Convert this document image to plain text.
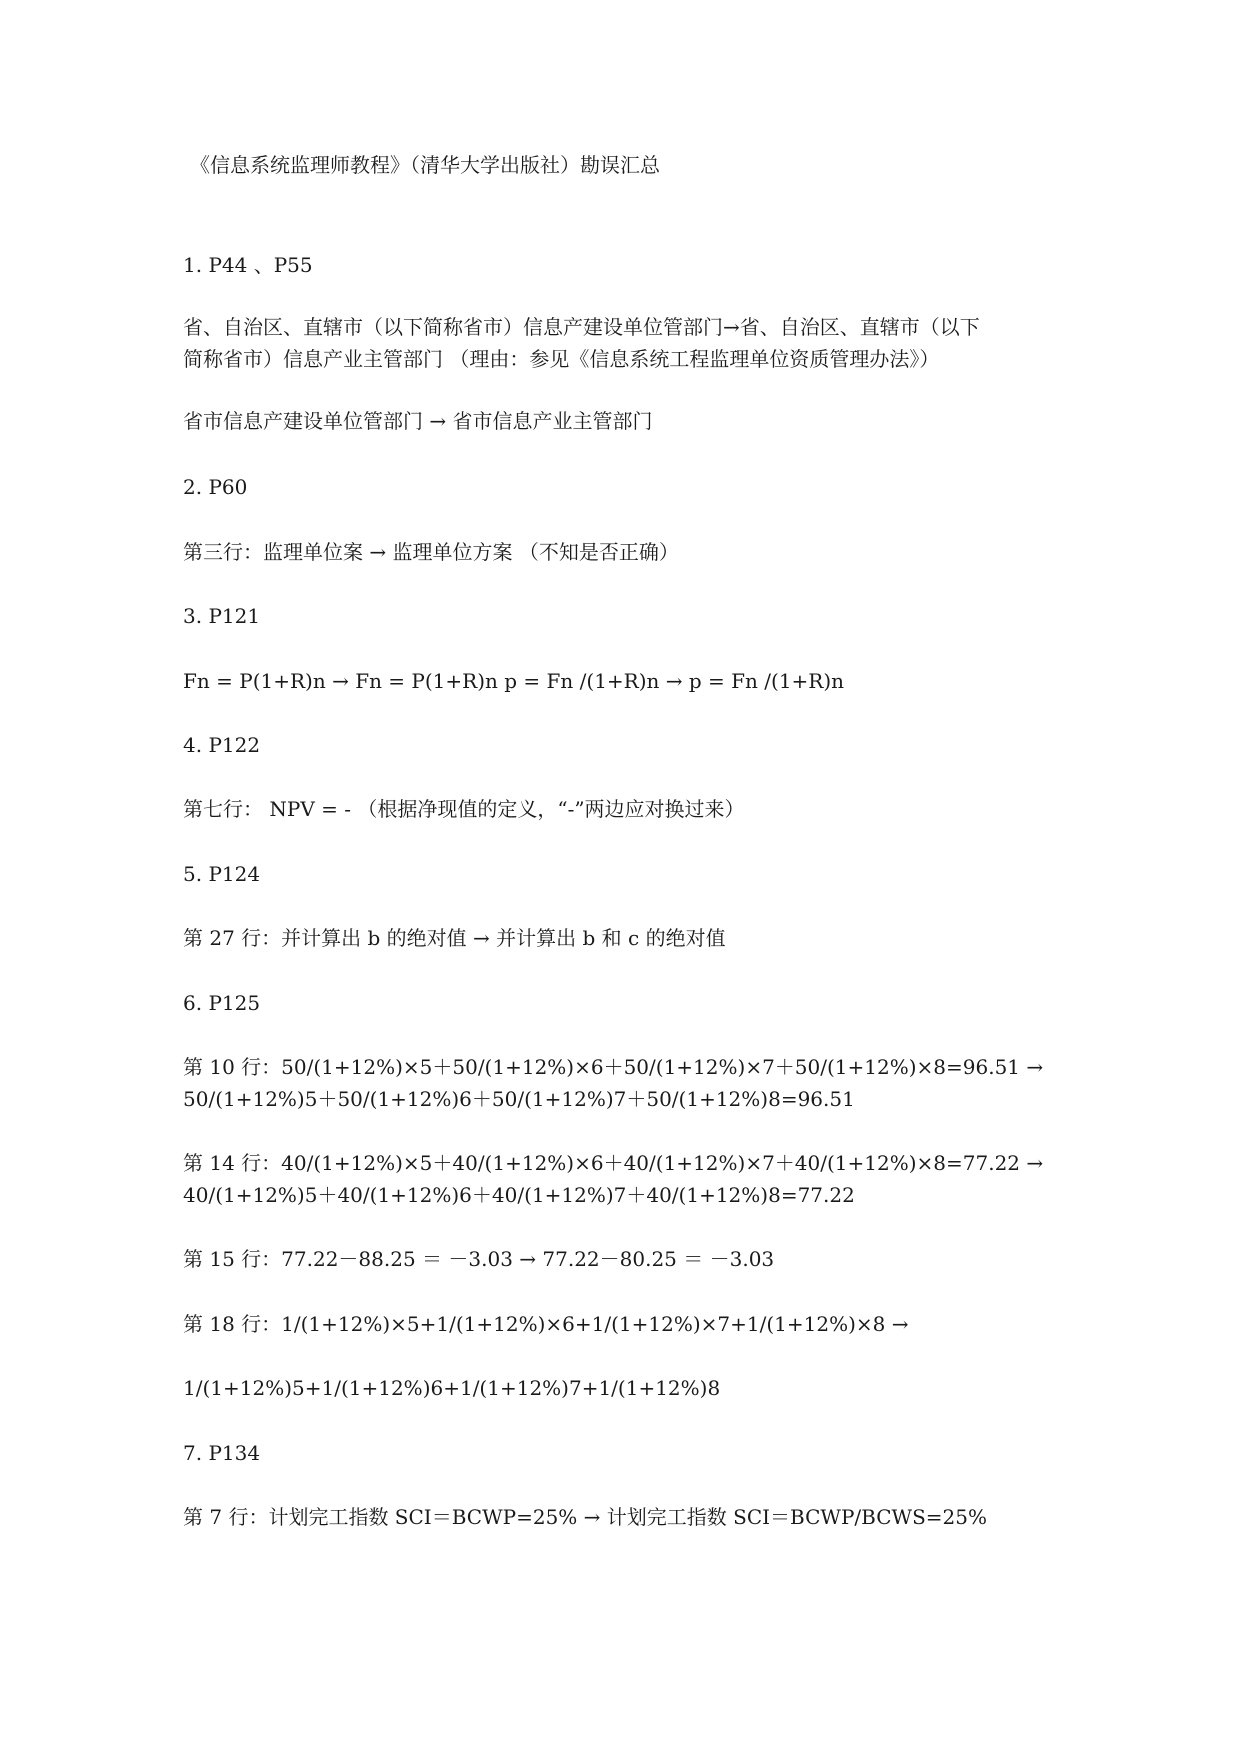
《信息系统监理师教程》（清华大学出版社）勘误汇总

1. P44 、P55

省、自治区、直辖市（以下简称省市）信息产建设单位管部门→省、自治区、直辖市（以下

简称省市）信息产业主管部门 （理由：参见《信息系统工程监理单位资质管理办法》）

省市信息产建设单位管部门 → 省市信息产业主管部门

2. P60

第三行：监理单位案 → 监理单位方案 （不知是否正确）

3. P121

Fn = P(1+R)n → Fn = P(1+R)n p = Fn /(1+R)n → p = Fn /(1+R)n

4. P122

第七行： NPV = - （根据净现值的定义，“-”两边应对换过来）

5. P124

第 27 行：并计算出 b 的绝对值 → 并计算出 b 和 c 的绝对值

6. P125

第 10 行：50/(1+12%)×5＋50/(1+12%)×6＋50/(1+12%)×7＋50/(1+12%)×8=96.51 →

50/(1+12%)5＋50/(1+12%)6＋50/(1+12%)7＋50/(1+12%)8=96.51

第 14 行：40/(1+12%)×5＋40/(1+12%)×6＋40/(1+12%)×7＋40/(1+12%)×8=77.22 →

40/(1+12%)5＋40/(1+12%)6＋40/(1+12%)7＋40/(1+12%)8=77.22

第 15 行：77.22－88.25 ＝ －3.03 → 77.22－80.25 ＝ －3.03

第 18 行：1/(1+12%)×5+1/(1+12%)×6+1/(1+12%)×7+1/(1+12%)×8 →

1/(1+12%)5+1/(1+12%)6+1/(1+12%)7+1/(1+12%)8

7. P134

第 7 行：计划完工指数 SCI＝BCWP=25% → 计划完工指数 SCI＝BCWP/BCWS=25%
